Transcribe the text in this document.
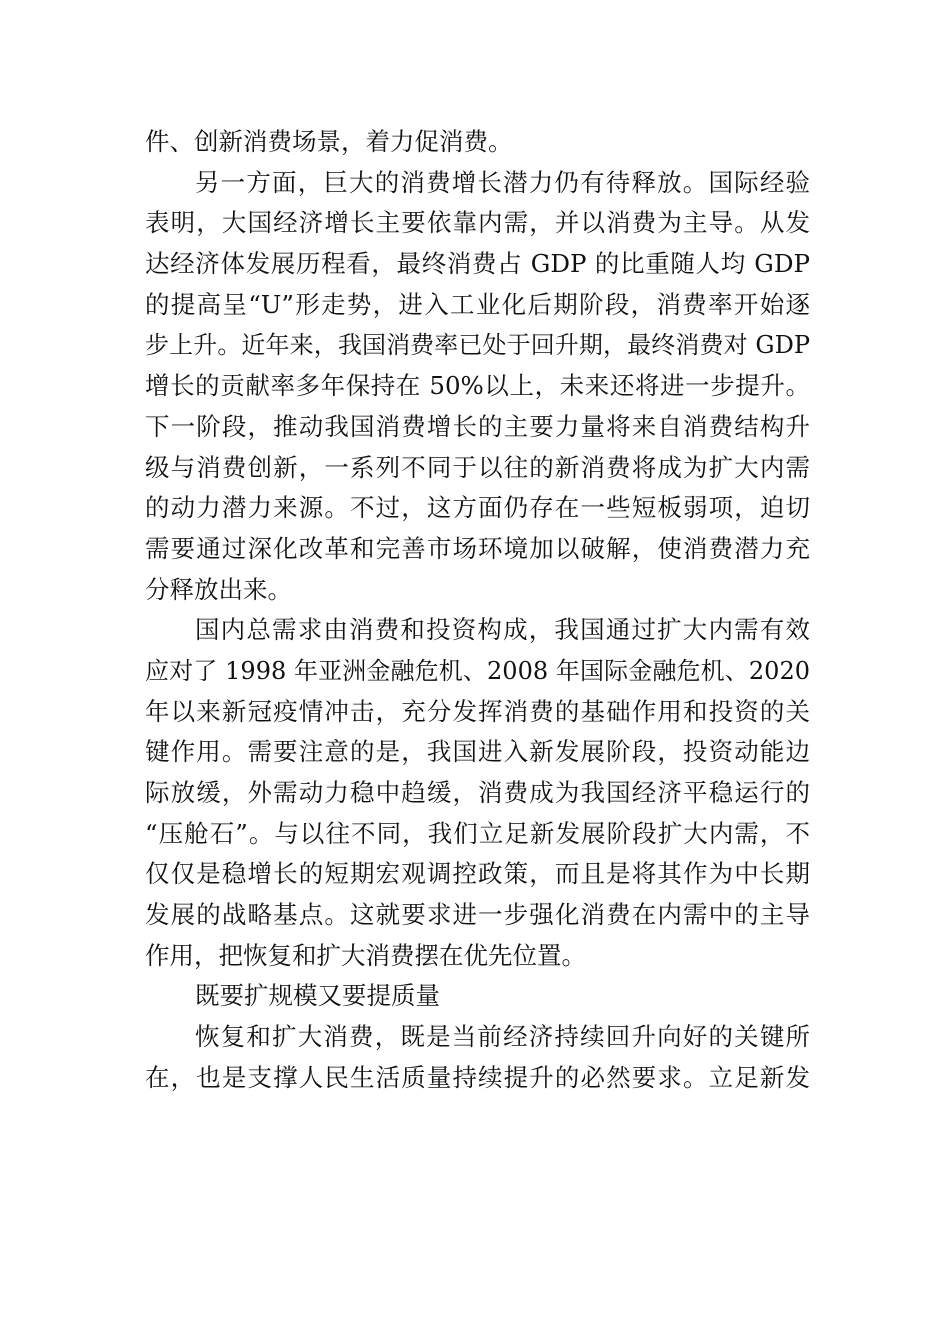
件、创新消费场景，着力促消费。
另一方面，巨大的消费增长潜力仍有待释放。国际经验
表明，大国经济增长主要依靠内需，并以消费为主导。从发
达经济体发展历程看，最终消费占 GDP 的比重随人均 GDP
的提高呈“U”形走势，进入工业化后期阶段，消费率开始逐
步上升。近年来，我国消费率已处于回升期，最终消费对 GDP
增长的贡献率多年保持在 50%以上，未来还将进一步提升。
下一阶段，推动我国消费增长的主要力量将来自消费结构升
级与消费创新，一系列不同于以往的新消费将成为扩大内需
的动力潜力来源。不过，这方面仍存在一些短板弱项，迫切
需要通过深化改革和完善市场环境加以破解，使消费潜力充
分释放出来。
国内总需求由消费和投资构成，我国通过扩大内需有效
应对了 1998 年亚洲金融危机、2008 年国际金融危机、2020
年以来新冠疫情冲击，充分发挥消费的基础作用和投资的关
键作用。需要注意的是，我国进入新发展阶段，投资动能边
际放缓，外需动力稳中趋缓，消费成为我国经济平稳运行的
“压舱石”。与以往不同，我们立足新发展阶段扩大内需，不
仅仅是稳增长的短期宏观调控政策，而且是将其作为中长期
发展的战略基点。这就要求进一步强化消费在内需中的主导
作用，把恢复和扩大消费摆在优先位置。
既要扩规模又要提质量
恢复和扩大消费，既是当前经济持续回升向好的关键所
在，也是支撑人民生活质量持续提升的必然要求。立足新发
